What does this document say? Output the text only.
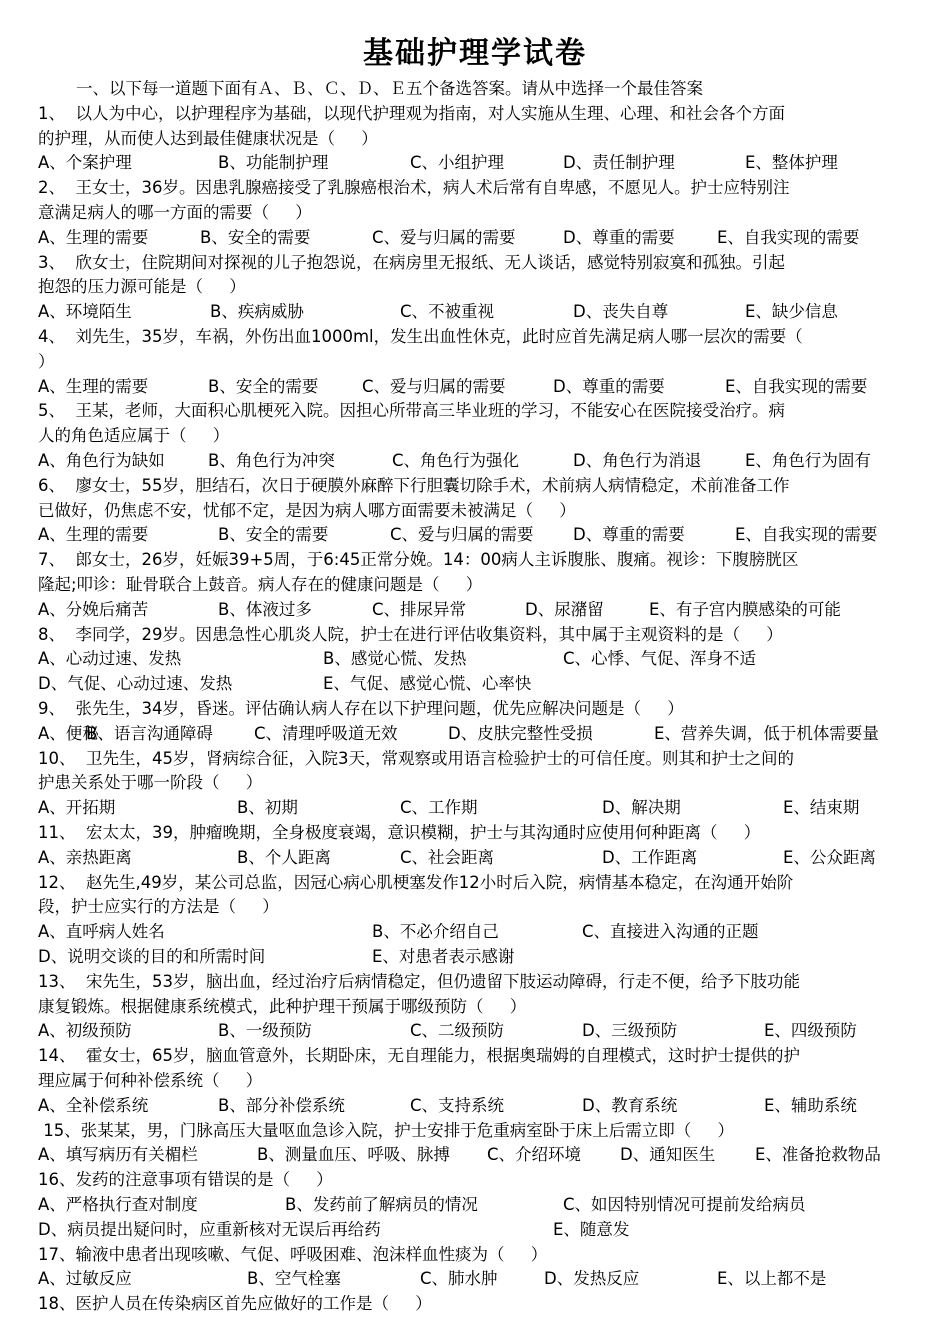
基础护理学试卷
一、以下每一道题下面有Ａ、Ｂ、Ｃ、Ｄ、Ｅ五个备选答案。请从中选择一个最佳答案
1、  以人为中心，以护理程序为基础，以现代护理观为指南，对人实施从生理、心理、和社会各个方面
的护理，从而使人达到最佳健康状况是（     ）
A、个案护理	B、功能制护理	C、小组护理	D、责任制护理	E、整体护理
2、  王女士，36岁。因患乳腺癌接受了乳腺癌根治术，病人术后常有自卑感，不愿见人。护士应特别注
意满足病人的哪一方面的需要（     ）
A、生理的需要	B、安全的需要	C、爱与归属的需要	D、尊重的需要	E、自我实现的需要
3、  欣女士，住院期间对探视的儿子抱怨说，在病房里无报纸、无人谈话，感觉特别寂寞和孤独。引起
抱怨的压力源可能是（     ）
A、环境陌生	B、疾病威胁	C、不被重视	D、丧失自尊	E、缺少信息
4、  刘先生，35岁，车祸，外伤出血1000ml，发生出血性休克，此时应首先满足病人哪一层次的需要（
）
A、生理的需要	B、安全的需要	C、爱与归属的需要	D、尊重的需要	E、自我实现的需要
5、  王某，老师，大面积心肌梗死入院。因担心所带高三毕业班的学习，不能安心在医院接受治疗。病
人的角色适应属于（     ）
A、角色行为缺如	B、角色行为冲突	C、角色行为强化	D、角色行为消退	E、角色行为固有
6、  廖女士，55岁，胆结石，次日于硬膜外麻醉下行胆囊切除手术，术前病人病情稳定，术前准备工作
已做好，仍焦虑不安，忧郁不定，是因为病人哪方面需要未被满足（     ）
A、生理的需要	B、安全的需要	C、爱与归属的需要 D、尊重的需要	E、自我实现的需要
7、  郎女士，26岁，妊娠39+5周，于6:45正常分娩。14：00病人主诉腹胀、腹痛。视诊：下腹膀胱区
隆起;叩诊：耻骨联合上鼓音。病人存在的健康问题是（     ）
A、分娩后痛苦	B、体液过多	C、排尿异常	D、尿潴留	E、有子宫内膜感染的可能
8、  李同学，29岁。因患急性心肌炎人院，护士在进行评估收集资料，其中属于主观资料的是（     ）
A、心动过速、发热	B、感觉心慌、发热	C、心悸、气促、浑身不适
D、气促、心动过速、发热	E、气促、感觉心慌、心率快
9、  张先生，34岁，昏迷。评估确认病人存在以下护理问题，优先应解决问题是（     ）
A、便秘
B、语言沟通障碍 C、清理呼吸道无效	D、皮肤完整性受损	E、营养失调，低于机体需要量
10、  卫先生，45岁，肾病综合征，入院3天，常观察或用语言检验护士的可信任度。则其和护士之间的
护患关系处于哪一阶段（     ）
A、开拓期	B、初期	C、工作期	D、解决期	E、结束期
11、  宏太太，39，肿瘤晚期，全身极度衰竭，意识模糊，护士与其沟通时应使用何种距离（     ）
A、亲热距离	B、个人距离	C、社会距离	D、工作距离	E、公众距离
12、  赵先生,49岁，某公司总监，因冠心病心肌梗塞发作12小时后入院，病情基本稳定，在沟通开始阶
段，护士应实行的方法是（     ）
A、直呼病人姓名	B、不必介绍自己	C、直接进入沟通的正题
D、说明交谈的目的和所需时间	E、对患者表示感谢
13、  宋先生，53岁，脑出血，经过治疗后病情稳定，但仍遗留下肢运动障碍，行走不便，给予下肢功能
康复锻炼。根据健康系统模式，此种护理干预属于哪级预防（     ）
A、初级预防	B、一级预防	C、二级预防	D、三级预防	E、四级预防
14、  霍女士，65岁，脑血管意外，长期卧床，无自理能力，根据奥瑞姆的自理模式，这时护士提供的护
理应属于何种补偿系统（     ）
A、全补偿系统	B、部分补偿系统	C、支持系统	D、教育系统	E、辅助系统
15、张某某，男，门脉高压大量呕血急诊入院，护士安排于危重病室卧于床上后需立即（     ）
A、填写病历有关楣栏	B、测量血压、呼吸、脉搏 C、介绍环境 D、通知医生 E、准备抢救物品
16、发药的注意事项有错误的是（     ）
A、严格执行查对制度	B、发药前了解病员的情况	C、如因特别情况可提前发给病员
D、病员提出疑问时，应重新核对无误后再给药	E、随意发
17、输液中患者出现咳嗽、气促、呼吸困难、泡沫样血性痰为（     ）
A、过敏反应	B、空气栓塞	C、肺水肿	D、发热反应	E、以上都不是
18、医护人员在传染病区首先应做好的工作是（     ）
